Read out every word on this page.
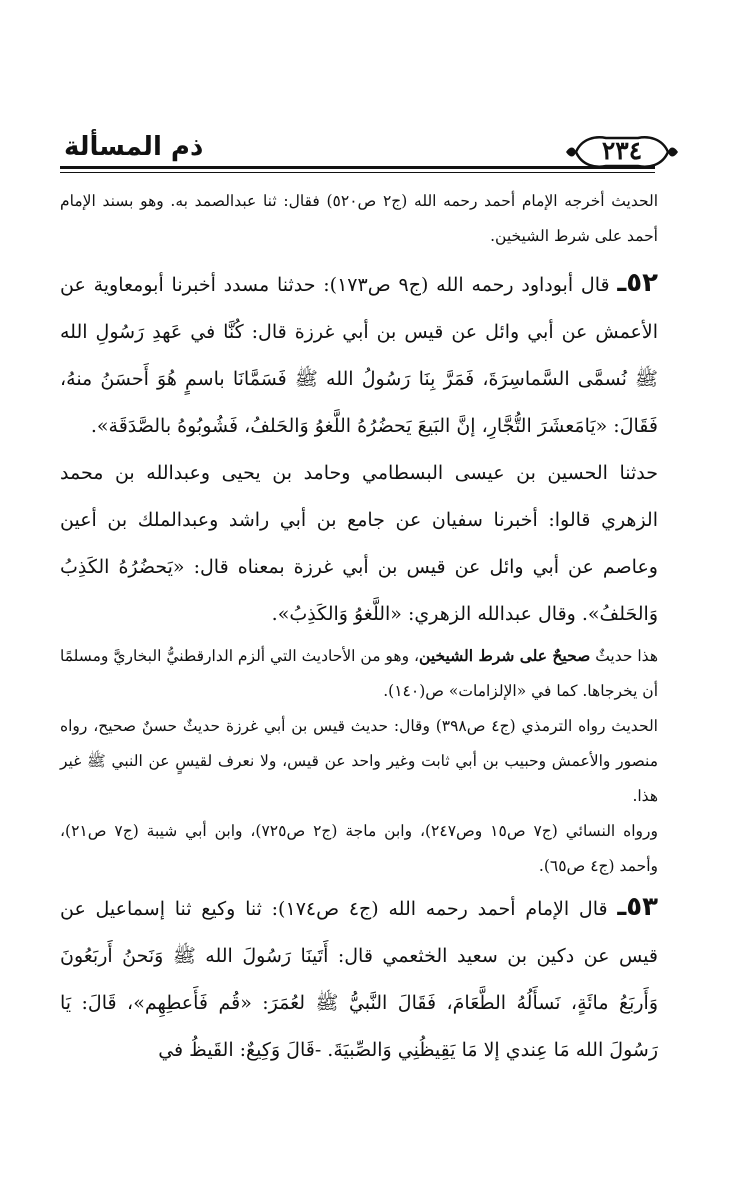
ذم المسألة	٢٣٤

الحديث أخرجه الإمام أحمد رحمه الله (ج٢ ص٥٢٠) فقال: ثنا عبدالصمد به. وهو بسند الإمام أحمد على شرط الشيخين.

٥٢ـ قال أبوداود رحمه الله (ج٩ ص١٧٣): حدثنا مسدد أخبرنا أبومعاوية عن الأعمش عن أبي وائل عن قيس بن أبي غرزة قال: كُنَّا في عَهدِ رَسُولِ الله ﷺ نُسمَّى السَّماسِرَةَ، فَمَرَّ بِنَا رَسُولُ الله ﷺ فَسَمَّانَا باسمٍ هُوَ أَحسَنُ منهُ، فَقَالَ: «يَامَعشَرَ التُّجَّارِ، إنَّ البَيعَ يَحضُرُهُ اللَّغوُ وَالحَلفُ، فَشُوبُوهُ بالصَّدَقَة».

حدثنا الحسين بن عيسى البسطامي وحامد بن يحيى وعبدالله بن محمد الزهري قالوا: أخبرنا سفيان عن جامع بن أبي راشد وعبدالملك بن أعين وعاصم عن أبي وائل عن قيس بن أبي غرزة بمعناه قال: «يَحضُرُهُ الكَذِبُ وَالحَلفُ». وقال عبدالله الزهري: «اللَّغوُ وَالكَذِبُ».

هذا حديثٌ صحيحٌ على شرط الشيخين، وهو من الأحاديث التي ألزم الدارقطنيُّ البخاريَّ ومسلمًا أن يخرجاها. كما في «الإلزامات» ص(١٤٠).

الحديث رواه الترمذي (ج٤ ص٣٩٨) وقال: حديث قيس بن أبي غرزة حديثٌ حسنٌ صحيح، رواه منصور والأعمش وحبيب بن أبي ثابت وغير واحد عن قيس، ولا نعرف لقيسٍ عن النبي ﷺ غير هذا.

ورواه النسائي (ج٧ ص١٥ وص٢٤٧)، وابن ماجة (ج٢ ص٧٢٥)، وابن أبي شيبة (ج٧ ص٢١)، وأحمد (ج٤ ص٦٥).

٥٣ـ قال الإمام أحمد رحمه الله (ج٤ ص١٧٤): ثنا وكيع ثنا إسماعيل عن قيس عن دكين بن سعيد الخثعمي قال: أَتَينَا رَسُولَ الله ﷺ وَنَحنُ أَربَعُونَ وَأَربَعُ مائَةٍ، نَسأَلُهُ الطَّعَامَ، فَقَالَ النَّبيُّ ﷺ لعُمَرَ: «قُم فَأَعطِهِم»، قَالَ: يَا رَسُولَ الله مَا عِندي إلا مَا يَقِيظُنِي وَالصِّبيَةَ. -قَالَ وَكِيعٌ: القَيظُ في
